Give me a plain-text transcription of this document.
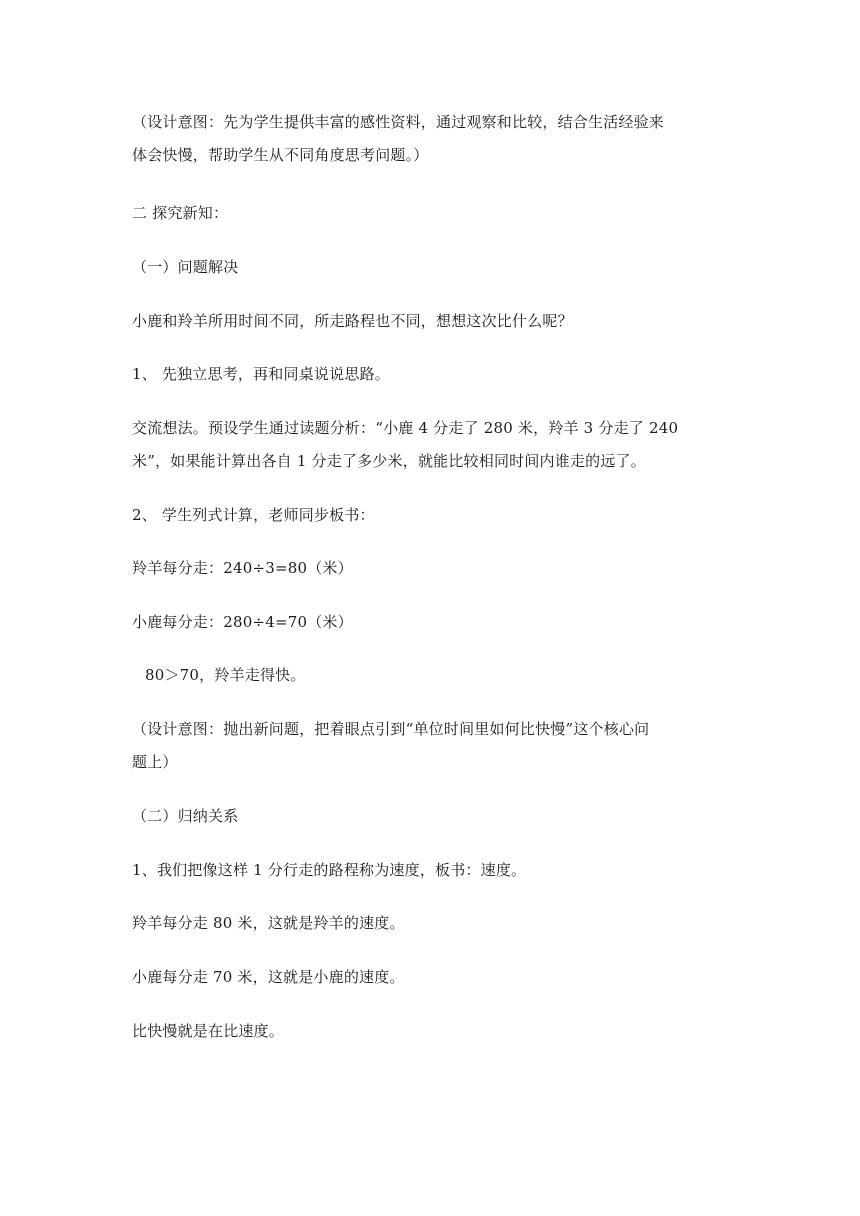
（设计意图：先为学生提供丰富的感性资料，通过观察和比较，结合生活经验来
体会快慢，帮助学生从不同角度思考问题。）
二 探究新知：
（一）问题解决
小鹿和羚羊所用时间不同，所走路程也不同，想想这次比什么呢？
1、 先独立思考，再和同桌说说思路。
交流想法。预设学生通过读题分析：“小鹿 4 分走了 280 米，羚羊 3 分走了 240
米”，如果能计算出各自 1 分走了多少米，就能比较相同时间内谁走的远了。
2、 学生列式计算，老师同步板书：
羚羊每分走：240÷3=80（米）
小鹿每分走：280÷4=70（米）
80＞70，羚羊走得快。
（设计意图：抛出新问题，把着眼点引到“单位时间里如何比快慢”这个核心问
题上）
（二）归纳关系
1、我们把像这样 1 分行走的路程称为速度，板书：速度。
羚羊每分走 80 米，这就是羚羊的速度。
小鹿每分走 70 米，这就是小鹿的速度。
比快慢就是在比速度。
